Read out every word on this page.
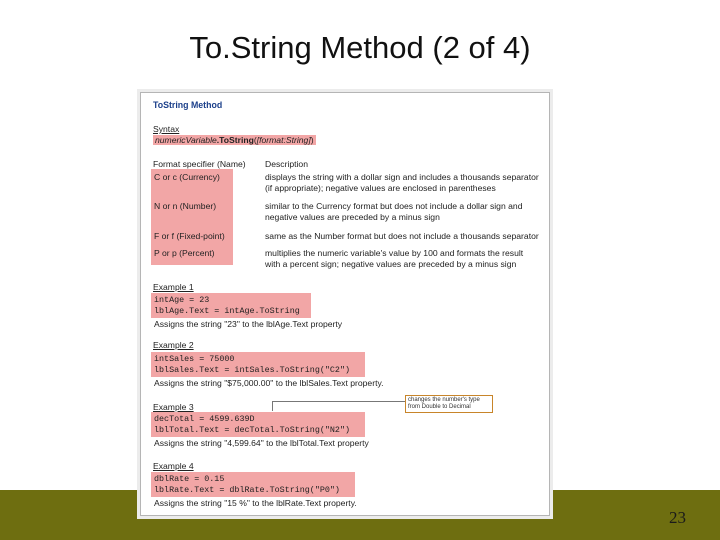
To.String Method (2 of 4)
23
ToString Method
Syntax
numericVariable.ToString([format:String])
Format specifier (Name) Description
C or c (Currency)	displays the string with a dollar sign and includes a thousands separator
(if appropriate); negative values are enclosed in parentheses
N or n (Number)	similar to the Currency format but does not include a dollar sign and
negative values are preceded by a minus sign
F or f (Fixed-point)	same as the Number format but does not include a thousands separator
P or p (Percent)	multiplies the numeric variable's value by 100 and formats the result
with a percent sign; negative values are preceded by a minus sign
Example 1
intAge = 23
lblAge.Text = intAge.ToString
Assigns the string "23" to the lblAge.Text property
Example 2
intSales = 75000
lblSales.Text = intSales.ToString("C2")
Assigns the string "$75,000.00" to the lblSales.Text property.
Example 3
decTotal = 4599.639D
lblTotal.Text = decTotal.ToString("N2")
Assigns the string "4,599.64" to the lblTotal.Text property
changes the number's type from Double to Decimal
Example 4
dblRate = 0.15
lblRate.Text = dblRate.ToString("P0")
Assigns the string "15 %" to the lblRate.Text property.
